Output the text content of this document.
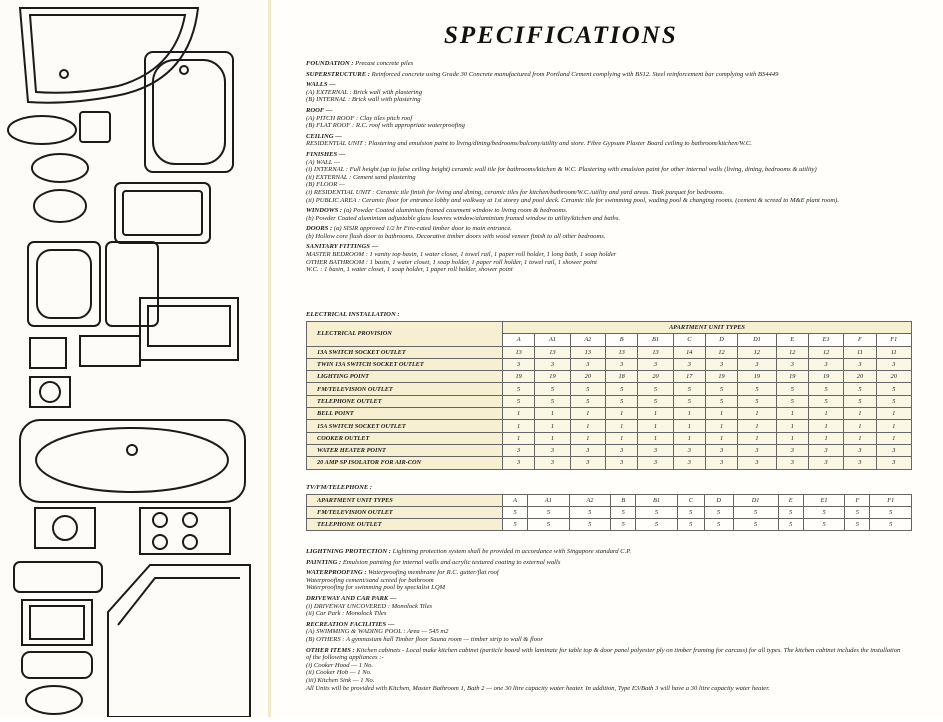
SPECIFICATIONS
FOUNDATION : Precast concrete piles
SUPERSTRUCTURE : Reinforced concrete using Grade 30 Concrete manufactured from Portland Cement complying with BS12. Steel reinforcement bar complying with BS4449
WALLS —
(A) EXTERNAL : Brick wall with plastering
(B) INTERNAL : Brick wall with plastering
ROOF —
(A) PITCH ROOF : Clay tiles pitch roof
(B) FLAT ROOF : R.C. roof with appropriate waterproofing
CEILING —
RESIDENTIAL UNIT : Plastering and emulsion paint to living/dining/bedrooms/balcony/utility and store. Fibre Gypsum Plaster Board ceiling to bathroom/kitchen/W.C.
FINISHES —
(A) WALL —
(i) INTERNAL : Full height (up to false ceiling height) ceramic wall tile for bathrooms/kitchen & W.C. Plastering with emulsion paint for other internal walls (living, dining, bedrooms & utility)
(ii) EXTERNAL : Cement sand plastering
(B) FLOOR —
(i) RESIDENTIAL UNIT : Ceramic tile finish for living and dining, ceramic tiles for kitchen/bathroom/W.C./utility and yard areas. Teak parquet for bedrooms.
(ii) PUBLIC AREA : Ceramic floor for entrance lobby and walkway at 1st storey and pool deck. Ceramic tile for swimming pool, wading pool & changing rooms. (cement & screed to M&E plant room).
WINDOWS : (a) Powder Coated aluminium framed casement window to living room & bedrooms.
(b) Powder Coated aluminium adjustable glass louvres window/aluminium framed window to utility/kitchen and baths.
DOORS : (a) SISIR approved 1/2 hr Fire-rated timber door to main entrance.
(b) Hollow core flush door to bathrooms. Decorative timber doors with wood veneer finish to all other bedrooms.
SANITARY FITTINGS —
MASTER BEDROOM : 1 vanity top basin, 1 water closet, 1 towel rail, 1 paper roll holder, 1 long bath, 1 soap holder
OTHER BATHROOM : 1 basin, 1 water closet, 1 soap holder, 1 paper roll holder, 1 towel rail, 1 shower point
W.C. : 1 basin, 1 water closet, 1 soap holder, 1 paper roll holder, shower point
ELECTRICAL INSTALLATION :
ELECTRICAL PROVISION	APARTMENT UNIT TYPES											
	A	A1	A2	B	B1	C	D	D1	E	E1	F	F1
13A SWITCH SOCKET OUTLET	13	13	13	13	13	14	12	12	12	12	11	11
TWIN 13A SWITCH SOCKET OUTLET	3	3	3	3	3	3	3	3	3	3	3	3
LIGHTING POINT	19	19	20	18	20	17	19	19	19	19	20	20
FM/TELEVISION OUTLET	5	5	5	5	5	5	5	5	5	5	5	5
TELEPHONE OUTLET	5	5	5	5	5	5	5	5	5	5	5	5
BELL POINT	1	1	1	1	1	1	1	1	1	1	1	1
15A SWITCH SOCKET OUTLET	1	1	1	1	1	1	1	1	1	1	1	1
COOKER OUTLET	1	1	1	1	1	1	1	1	1	1	1	1
WATER HEATER POINT	3	3	3	3	3	3	3	3	3	3	3	3
20 AMP SP ISOLATOR FOR AIR-CON	3	3	3	3	3	3	3	3	3	3	3	3
TV/FM/TELEPHONE :
APARTMENT UNIT TYPES	A	A1	A2	B	B1	C	D	D1	E	E1	F	F1
FM/TELEVISION OUTLET	5	5	5	5	5	5	5	5	5	5	5	5
TELEPHONE OUTLET	5	5	5	5	5	5	5	5	5	5	5	5
LIGHTNING PROTECTION : Lightning protection system shall be provided in accordance with Singapore standard C.P.
PAINTING : Emulsion painting for internal walls and acrylic textured coating to external walls
WATERPROOFING : Waterproofing membrane for R.C. gutter/flat roof
Waterproofing cement/sand screed for bathroom
Waterproofing for swimming pool by specialist LQM
DRIVEWAY AND CAR PARK —
(i) DRIVEWAY UNCOVERED : Monolock Tiles
(ii) Car Park : Monolock Tiles
RECREATION FACILITIES —
(A) SWIMMING & WADING POOL : Area — 545 m2
(B) OTHERS : A gymnasium hall Timber floor Sauna room — timber strip to wall & floor
OTHER ITEMS : Kitchen cabinets - Local make kitchen cabinet (particle board with laminate for table top & door panel polyester ply on timber framing for carcass) for all types. The kitchen cabinet includes the installation of the following appliances :-
(i) Cooker Hood — 1 No.
(ii) Cooker Hob — 1 No.
(iii) Kitchen Sink — 1 No.
All Units will be provided with Kitchen, Master Bathroom 1, Bath 2 — one 30 litre capacity water heater. In addition, Type E3/Bath 3 will have a 30 litre capacity water heater.
